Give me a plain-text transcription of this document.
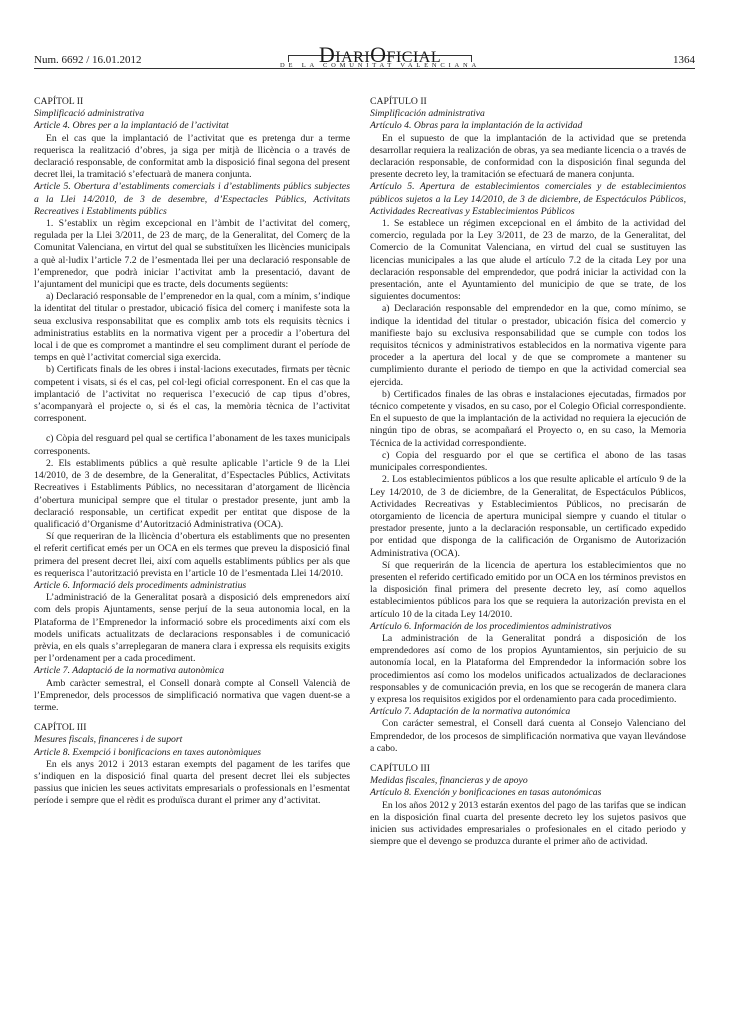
Num. 6692 / 16.01.2012	DIARIOFICIAL
DE LA COMUNITAT VALENCIANA	1364

CAPÍTOL II

Simplificació administrativa

Article 4. Obres per a la implantació de l’activitat

En el cas que la implantació de l’activitat que es pretenga dur a terme requerisca la realització d’obres, ja siga per mitjà de llicència o a través de declaració responsable, de conformitat amb la disposició final segona del present decret llei, la tramitació s’efectuarà de manera conjunta.

Article 5. Obertura d’establiments comercials i d’establiments públics subjectes a la Llei 14/2010, de 3 de desembre, d’Espectacles Públics, Activitats Recreatives i Establiments públics

1. S’establix un règim excepcional en l’àmbit de l’activitat del comerç, regulada per la Llei 3/2011, de 23 de març, de la Generalitat, del Comerç de la Comunitat Valenciana, en virtut del qual se substituïxen les llicències municipals a què al·ludix l’article 7.2 de l’esmentada llei per una declaració responsable de l’emprenedor, que podrà iniciar l’activitat amb la presentació, davant de l’ajuntament del municipi que es tracte, dels documents següents:

a) Declaració responsable de l’emprenedor en la qual, com a mínim, s’indique la identitat del titular o prestador, ubicació física del comerç i manifeste sota la seua exclusiva responsabilitat que es complix amb tots els requisits tècnics i administratius establits en la normativa vigent per a procedir a l’obertura del local i de que es compromet a mantindre el seu compliment durant el període de temps en què l’activitat comercial siga exercida.

b) Certificats finals de les obres i instal·lacions executades, firmats per tècnic competent i visats, si és el cas, pel col·legi oficial corresponent. En el cas que la implantació de l’activitat no requerisca l’execució de cap tipus d’obres, s’acompanyarà el projecte o, si és el cas, la memòria tècnica de l’activitat corresponent.

c) Còpia del resguard pel qual se certifica l’abonament de les taxes municipals corresponents.

2. Els establiments públics a què resulte aplicable l’article 9 de la Llei 14/2010, de 3 de desembre, de la Generalitat, d’Espectacles Públics, Activitats Recreatives i Establiments Públics, no necessitaran d’atorgament de llicència d’obertura municipal sempre que el titular o prestador presente, junt amb la declaració responsable, un certificat expedit per entitat que dispose de la qualificació d’Organisme d’Autorització Administrativa (OCA).

Sí que requeriran de la llicència d’obertura els establiments que no presenten el referit certificat emés per un OCA en els termes que preveu la disposició final primera del present decret llei, així com aquells establiments públics per als que es requerisca l’autorització prevista en l’article 10 de l’esmentada Llei 14/2010.

Article 6. Informació dels procediments administratius

L’administració de la Generalitat posarà a disposició dels emprenedors així com dels propis Ajuntaments, sense perjuí de la seua autonomia local, en la Plataforma de l’Emprenedor la informació sobre els procediments així com els models unificats actualitzats de declaracions responsables i de comunicació prèvia, en els quals s’arreplegaran de manera clara i expressa els requisits exigits per l’ordenament per a cada procediment.

Article 7. Adaptació de la normativa autonòmica

Amb caràcter semestral, el Consell donarà compte al Consell Valencià de l’Emprenedor, dels processos de simplificació normativa que vagen duent-se a terme.

CAPÍTOL III

Mesures fiscals, financeres i de suport

Article 8. Exempció i bonificacions en taxes autonòmiques

En els anys 2012 i 2013 estaran exempts del pagament de les tarifes que s’indiquen en la disposició final quarta del present decret llei els subjectes passius que inicien les seues activitats empresarials o professionals en l’esmentat període i sempre que el rèdit es produïsca durant el primer any d’activitat.

CAPÍTULO II

Simplificación administrativa

Artículo 4. Obras para la implantación de la actividad

En el supuesto de que la implantación de la actividad que se pretenda desarrollar requiera la realización de obras, ya sea mediante licencia o a través de declaración responsable, de conformidad con la disposición final segunda del presente decreto ley, la tramitación se efectuará de manera conjunta.

Artículo 5. Apertura de establecimientos comerciales y de establecimientos públicos sujetos a la Ley 14/2010, de 3 de diciembre, de Espectáculos Públicos, Actividades Recreativas y Establecimientos Públicos

1. Se establece un régimen excepcional en el ámbito de la actividad del comercio, regulada por la Ley 3/2011, de 23 de marzo, de la Generalitat, del Comercio de la Comunitat Valenciana, en virtud del cual se sustituyen las licencias municipales a las que alude el artículo 7.2 de la citada Ley por una declaración responsable del emprendedor, que podrá iniciar la actividad con la presentación, ante el Ayuntamiento del municipio de que se trate, de los siguientes documentos:

a) Declaración responsable del emprendedor en la que, como mínimo, se indique la identidad del titular o prestador, ubicación física del comercio y manifieste bajo su exclusiva responsabilidad que se cumple con todos los requisitos técnicos y administrativos establecidos en la normativa vigente para proceder a la apertura del local y de que se compromete a mantener su cumplimiento durante el periodo de tiempo en que la actividad comercial sea ejercida.

b) Certificados finales de las obras e instalaciones ejecutadas, firmados por técnico competente y visados, en su caso, por el Colegio Oficial correspondiente. En el supuesto de que la implantación de la actividad no requiera la ejecución de ningún tipo de obras, se acompañará el Proyecto o, en su caso, la Memoria Técnica de la actividad correspondiente.

c) Copia del resguardo por el que se certifica el abono de las tasas municipales correspondientes.

2. Los establecimientos públicos a los que resulte aplicable el artículo 9 de la Ley 14/2010, de 3 de diciembre, de la Generalitat, de Espectáculos Públicos, Actividades Recreativas y Establecimientos Públicos, no precisarán de otorgamiento de licencia de apertura municipal siempre y cuando el titular o prestador presente, junto a la declaración responsable, un certificado expedido por entidad que disponga de la calificación de Organismo de Autorización Administrativa (OCA).

Sí que requerirán de la licencia de apertura los establecimientos que no presenten el referido certificado emitido por un OCA en los términos previstos en la disposición final primera del presente decreto ley, así como aquellos establecimientos públicos para los que se requiera la autorización prevista en el artículo 10 de la citada Ley 14/2010.

Artículo 6. Información de los procedimientos administrativos

La administración de la Generalitat pondrá a disposición de los emprendedores así como de los propios Ayuntamientos, sin perjuicio de su autonomía local, en la Plataforma del Emprendedor la información sobre los procedimientos así como los modelos unificados actualizados de declaraciones responsables y de comunicación previa, en los que se recogerán de manera clara y expresa los requisitos exigidos por el ordenamiento para cada procedimiento.

Artículo 7. Adaptación de la normativa autonómica

Con carácter semestral, el Consell dará cuenta al Consejo Valenciano del Emprendedor, de los procesos de simplificación normativa que vayan llevándose a cabo.

CAPÍTULO III

Medidas fiscales, financieras y de apoyo

Artículo 8. Exención y bonificaciones en tasas autonómicas

En los años 2012 y 2013 estarán exentos del pago de las tarifas que se indican en la disposición final cuarta del presente decreto ley los sujetos pasivos que inicien sus actividades empresariales o profesionales en el citado periodo y siempre que el devengo se produzca durante el primer año de actividad.
